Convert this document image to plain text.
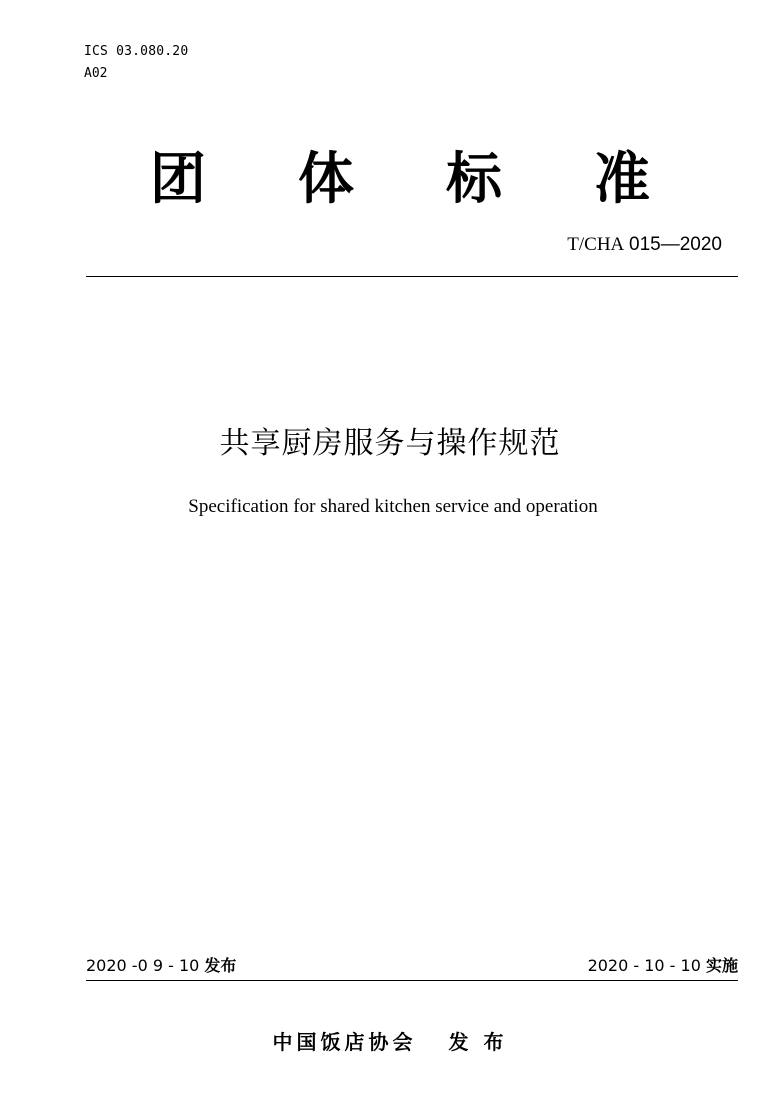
ICS 03.080.20
A02
团 体 标 准
T/CHA 015—2020
共享厨房服务与操作规范
Specification for shared kitchen service and operation
2020 -0 9 - 10 发布	2020 - 10 - 10 实施
中国饭店协会 发 布
